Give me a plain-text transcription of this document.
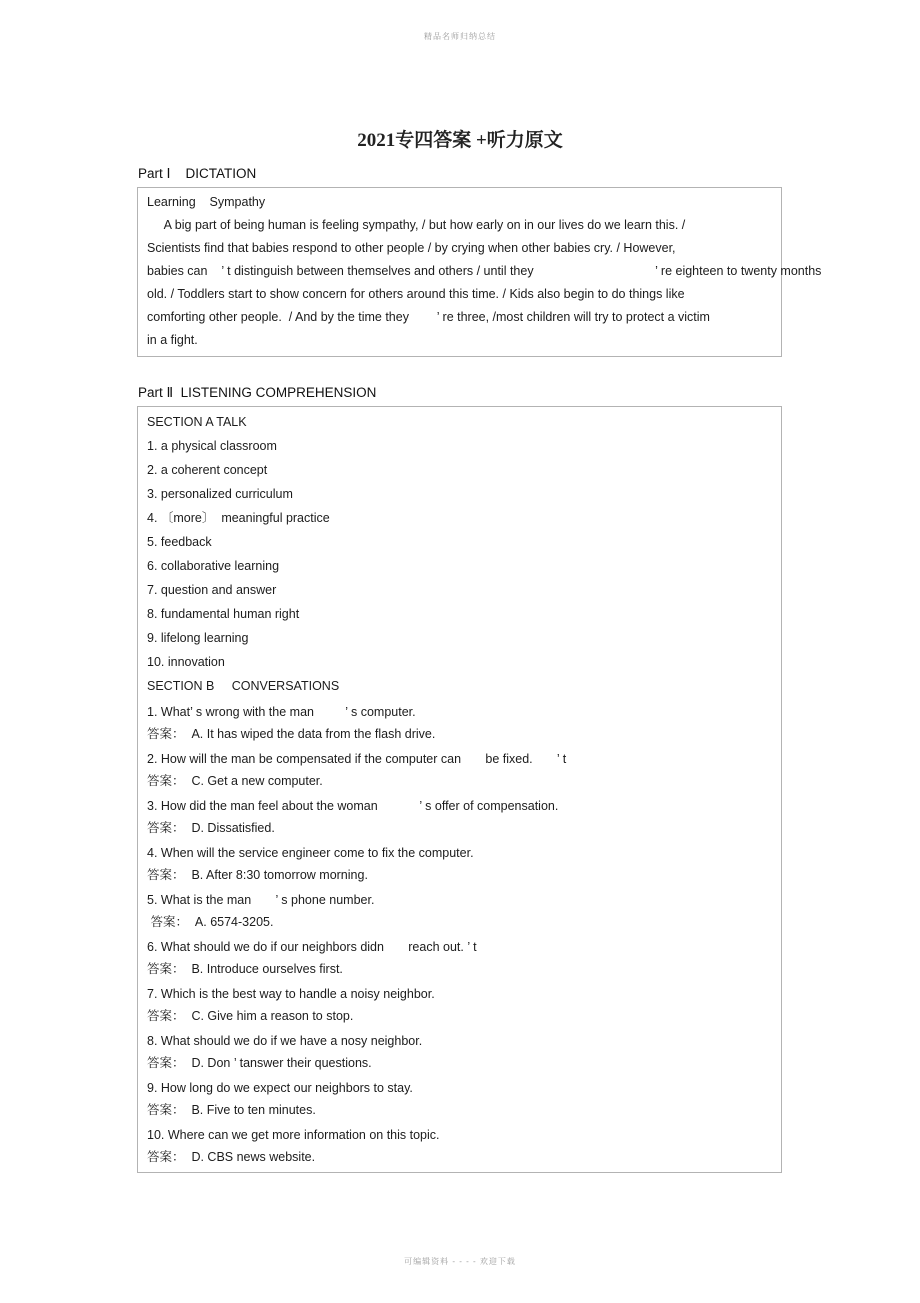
精品名师归纳总结
2021专四答案 +听力原文
Part Ⅰ    DICTATION
Learning    Sympathy
A big part of being human is feeling sympathy, / but how early on in our lives do we learn this. /
Scientists find that babies respond to other people / by crying when other babies cry. / However,
babies can    ’ t distinguish between themselves and others / until they                                   ’ re eighteen to twenty months
old. / Toddlers start to show concern for others around this time. / Kids also begin to do things like
comforting other people.  / And by the time they        ’ re three, /most children will try to protect a victim
in a fight.
Part Ⅱ  LISTENING COMPREHENSION
SECTION A TALK
1. a physical classroom
2. a coherent concept
3. personalized curriculum
4. 〔more〕  meaningful practice
5. feedback
6. collaborative learning
7. question and answer
8. fundamental human right
9. lifelong learning
10. innovation
SECTION B     CONVERSATIONS
1. What’ s wrong with the man         ’ s computer.
答案：  A. It has wiped the data from the flash drive.
2. How will the man be compensated if the computer can       be fixed.       ’ t
答案：  C. Get a new computer.
3. How did the man feel about the woman            ’ s offer of compensation.
答案：  D. Dissatisfied.
4. When will the service engineer come to fix the computer.
答案：  B. After 8:30 tomorrow morning.
5. What is the man       ’ s phone number.
答案：  A. 6574-3205.
6. What should we do if our neighbors didn       reach out. ’ t
答案：  B. Introduce ourselves first.
7. Which is the best way to handle a noisy neighbor.
答案：  C. Give him a reason to stop.
8. What should we do if we have a nosy neighbor.
答案：  D. Don ’ tanswer their questions.
9. How long do we expect our neighbors to stay.
答案：  B. Five to ten minutes.
10. Where can we get more information on this topic.
答案：  D. CBS news website.
可编辑资料 - - - - 欢迎下载
